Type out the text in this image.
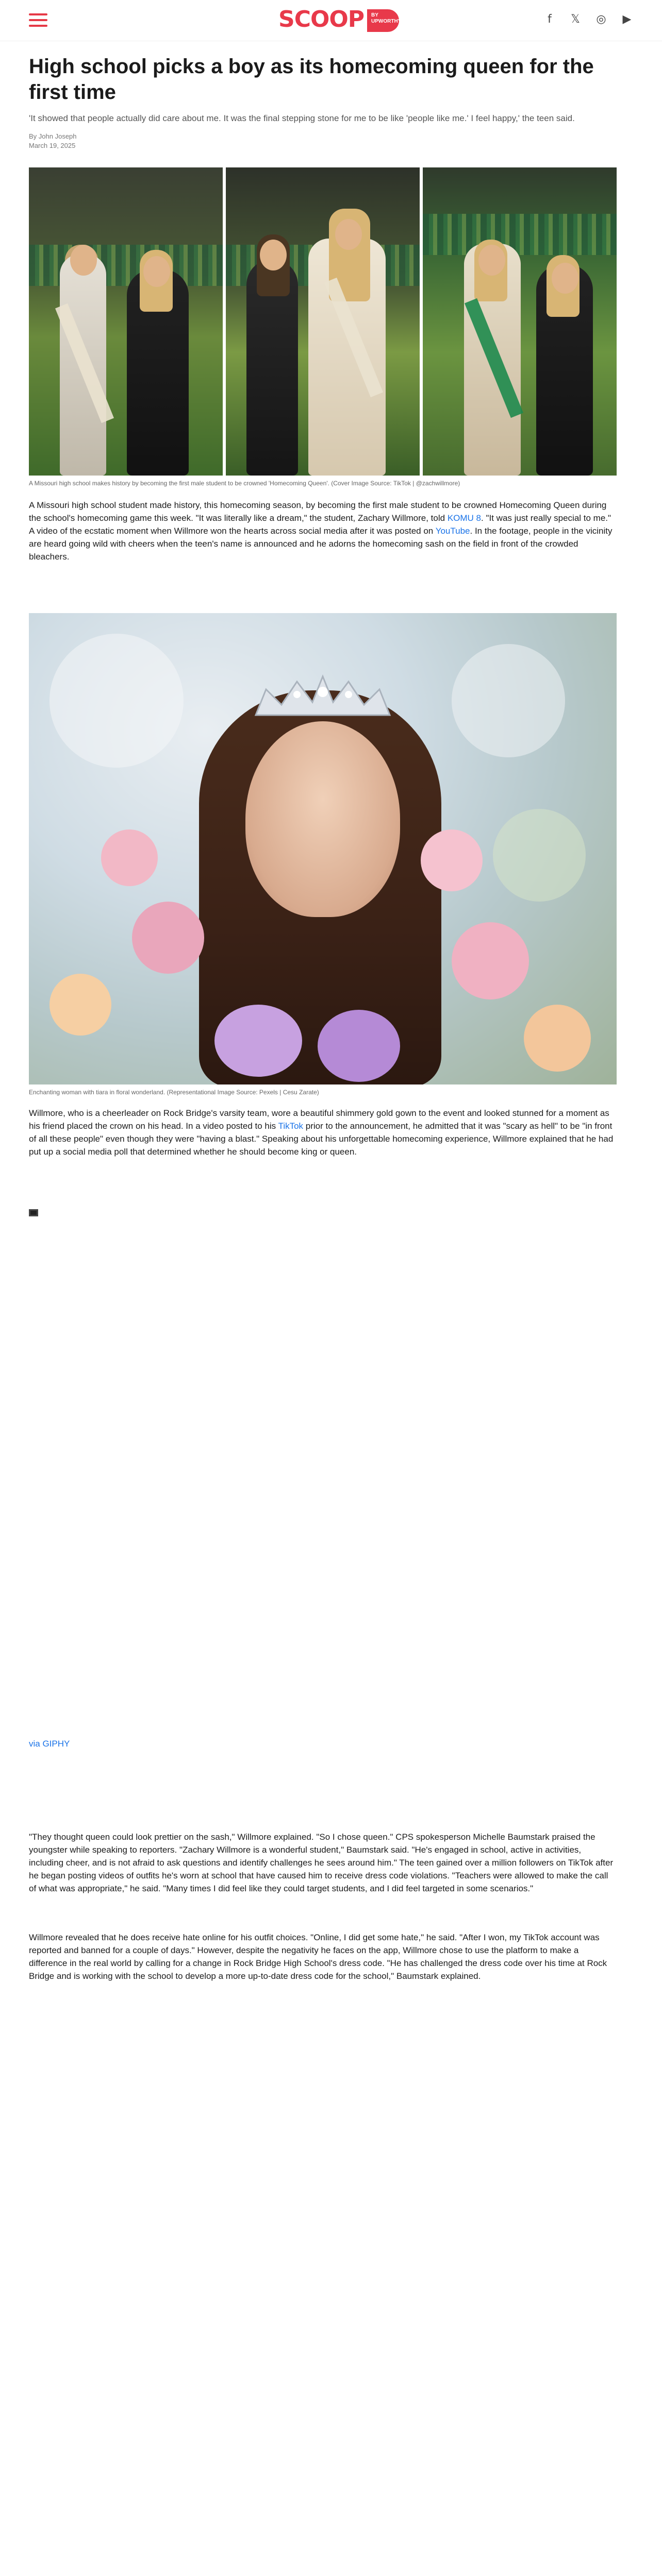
SCOOP BY UPWORTHY	f	𝕏 ◎ ▶
High school picks a boy as its homecoming queen for the first time

'It showed that people actually did care about me. It was the final stepping stone for me to be like 'people like me.' I feel happy,' the teen said.

By John Joseph

March 19, 2025

A Missouri high school makes history by becoming the first male student to be crowned 'Homecoming Queen'. (Cover Image Source: TikTok | @zachwillmore)

A Missouri high school student made history, this homecoming season, by becoming the first male student to be crowned Homecoming Queen during the school's homecoming game this week. "It was literally like a dream," the student, Zachary Willmore, told KOMU 8. "It was just really special to me." A video of the ecstatic moment when Willmore won the hearts across social media after it was posted on YouTube. In the footage, people in the vicinity are heard going wild with cheers when the teen's name is announced and he adorns the homecoming sash on the field in front of the crowded bleachers.

Enchanting woman with tiara in floral wonderland. (Representational Image Source: Pexels | Cesu Zarate)

Willmore, who is a cheerleader on Rock Bridge's varsity team, wore a beautiful shimmery gold gown to the event and looked stunned for a moment as his friend placed the crown on his head. In a video posted to his TikTok prior to the announcement, he admitted that it was "scary as hell" to be "in front of all these people" even though they were "having a blast." Speaking about his unforgettable homecoming experience, Willmore explained that he had put up a social media poll that determined whether he should become king or queen.

via GIPHY

"They thought queen could look prettier on the sash," Willmore explained. "So I chose queen." CPS spokesperson Michelle Baumstark praised the youngster while speaking to reporters. "Zachary Willmore is a wonderful student," Baumstark said. "He's engaged in school, active in activities, including cheer, and is not afraid to ask questions and identify challenges he sees around him." The teen gained over a million followers on TikTok after he began posting videos of outfits he's worn at school that have caused him to receive dress code violations. "Teachers were allowed to make the call of what was appropriate," he said. "Many times I did feel like they could target students, and I did feel targeted in some scenarios."

Willmore revealed that he does receive hate online for his outfit choices. "Online, I did get some hate," he said. "After I won, my TikTok account was reported and banned for a couple of days." However, despite the negativity he faces on the app, Willmore chose to use the platform to make a difference in the real world by calling for a change in Rock Bridge High School's dress code. "He has challenged the dress code over his time at Rock Bridge and is working with the school to develop a more up-to-date dress code for the school," Baumstark explained.
